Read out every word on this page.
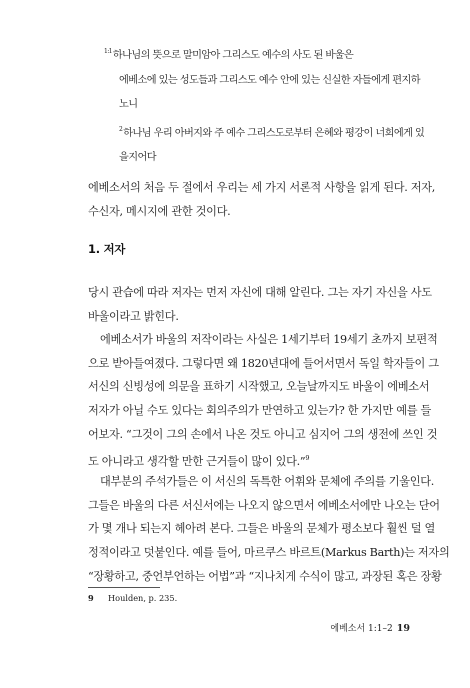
$^{1:1}$하나님의 뜻으로 말미암아 그리스도 예수의 사도 된 바울은
에베소에 있는 성도들과 그리스도 예수 안에 있는 신실한 자들에게 편지하
노니
$^2$하나님 우리 아버지와 주 예수 그리스도로부터 은혜와 평강이 너희에게 있
을지어다
에베소서의 처음 두 절에서 우리는 세 가지 서론적 사항을 읽게 된다. 저자,
수신자, 메시지에 관한 것이다.
1. 저자
당시 관습에 따라 저자는 먼저 자신에 대해 알린다. 그는 자기 자신을 사도
바울이라고 밝힌다.
에베소서가 바울의 저작이라는 사실은 1세기부터 19세기 초까지 보편적
으로 받아들여졌다. 그렇다면 왜 1820년대에 들어서면서 독일 학자들이 그
서신의 신빙성에 의문을 표하기 시작했고, 오늘날까지도 바울이 에베소서
저자가 아닐 수도 있다는 회의주의가 만연하고 있는가? 한 가지만 예를 들
어보자. “그것이 그의 손에서 나온 것도 아니고 심지어 그의 생전에 쓰인 것
도 아니라고 생각할 만한 근거들이 많이 있다.”$^9$
대부분의 주석가들은 이 서신의 독특한 어휘와 문체에 주의를 기울인다.
그들은 바울의 다른 서신서에는 나오지 않으면서 에베소서에만 나오는 단어
가 몇 개나 되는지 헤아려 본다. 그들은 바울의 문체가 평소보다 훨씬 덜 열
정적이라고 덧붙인다. 예를 들어, 마르쿠스 바르트(Markus Barth)는 저자의
“장황하고, 중언부언하는 어법”과 “지나치게 수식이 많고, 과장된 혹은 장황
9 Houlden, p. 235.
에베소서 1:1–2 19
